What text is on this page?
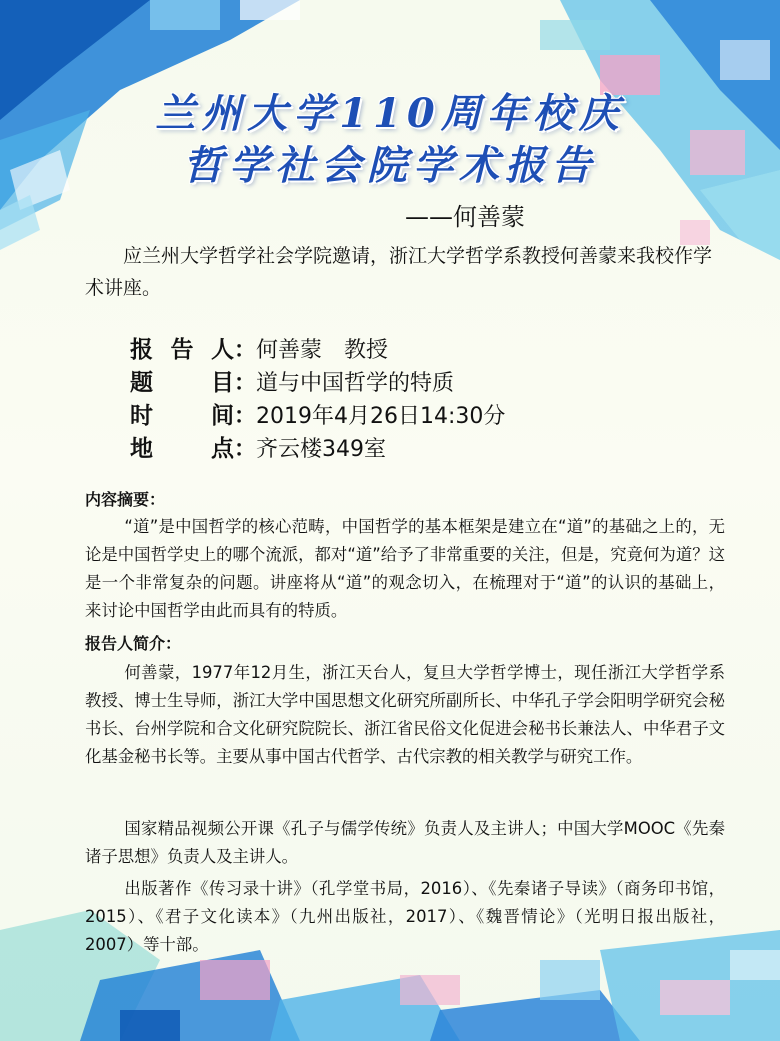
兰州大学110周年校庆
哲学社会院学术报告
——何善蒙
应兰州大学哲学社会学院邀请，浙江大学哲学系教授何善蒙来我校作学术讲座。
报告人：何善蒙　教授
题目：道与中国哲学的特质
时间：2019年4月26日14:30分
地点：齐云楼349室
内容摘要：
“道”是中国哲学的核心范畴，中国哲学的基本框架是建立在“道”的基础之上的，无论是中国哲学史上的哪个流派，都对“道”给予了非常重要的关注，但是，究竟何为道？这是一个非常复杂的问题。讲座将从“道”的观念切入，在梳理对于“道”的认识的基础上，来讨论中国哲学由此而具有的特质。
报告人简介：
何善蒙，1977年12月生，浙江天台人，复旦大学哲学博士，现任浙江大学哲学系教授、博士生导师，浙江大学中国思想文化研究所副所长、中华孔子学会阳明学研究会秘书长、台州学院和合文化研究院院长、浙江省民俗文化促进会秘书长兼法人、中华君子文化基金秘书长等。主要从事中国古代哲学、古代宗教的相关教学与研究工作。
国家精品视频公开课《孔子与儒学传统》负责人及主讲人；中国大学MOOC《先秦诸子思想》负责人及主讲人。
出版著作《传习录十讲》（孔学堂书局，2016）、《先秦诸子导读》（商务印书馆，2015）、《君子文化读本》（九州出版社，2017）、《魏晋情论》（光明日报出版社，2007）等十部。
